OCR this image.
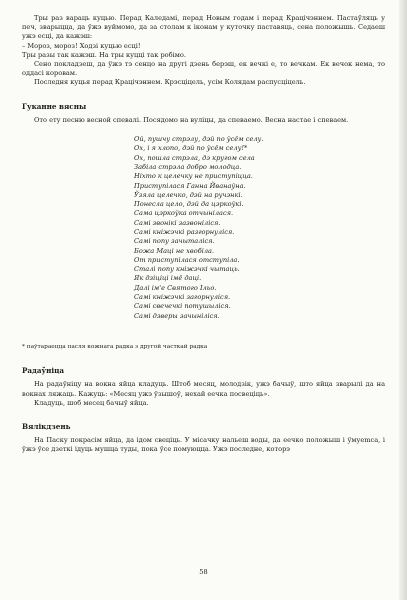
Тры раз вараць куцью. Перад Каледамі, перад Новым годам і перад Крацічэннем. Пастаўляць у печ, зварыцца, да ўжэ вуймомо, да за столам к іконам у куточку паставяць, сена положышь. Седаеш ужэ есці, да кажэш:

– Мороз, мороз! Ходзі куцью есці!

Тры разы так кажэш. На тры куцці так робімо.

Сено покладзеш, да ўжэ тэ сенцо на другі дзень берэш, ек вечкі е, то вечкам. Ек вечок нема, то оддасі коровам.

Последня куцья перад Крацічэннем. Крэсціцель, усім Колядам распусціцель.

Гуканне вясны

Ото ету песню весной спевалі. Посядомо на вуліцы, да спеваемо. Весна настае і спеваем.

Ой, пушчу стрэлу, дэй по ўсём селу.
Ох, і я хлопо, дэй по ўсём селу!*
Ох, пошла стрэла, дэ кругом села
Забіла стрэла добро молодца.
Ніхто к целечку не приступіцца.
Приступілася Ганна Йванаўна.
Ўзяла целечко, дэй на ручэнкі.
Понесла цело, дэй да цэркоўкі.
Сама цэркоўка отчынілася.
Самі звонікі зазвоніліся.
Самі кніжэчкі разгорнуліся.
Самі попу зачыталіся.
Божа Маці не хвобіла.
От приступілася отступіла.
Сталі попу кніжэчкі чытаць.
Як дзіціці імё даці.
Далі ім'е Святого Ільо.
Самі кніжэчкі загорнуліся.
Самі свечечкі потушыліся.
Самі дзверы зачыніліся.

* паўтараецца пасля кожнага радка з другой часткай радка

Радаўніца

На радаўніцу на вокна яйца кладуць. Штоб месяц, молодзік, ужэ бачыў, што яйца зварылі да на вокнах ляжаць. Кажуць: «Месяц ужэ ўзышоў, нехай еечка посвеціць».

Кладуць, шоб месец бачыў яйца.

Вялікдзень

На Паску покрасім яйца, да ідом свеціць. У місачку нальеш воды, да еечко положыш і ўмуеmса, і ўжэ ўсе дзеткі ідуць мушца туды, пока ўсе помуюцца. Ужэ последне, которэ

58
